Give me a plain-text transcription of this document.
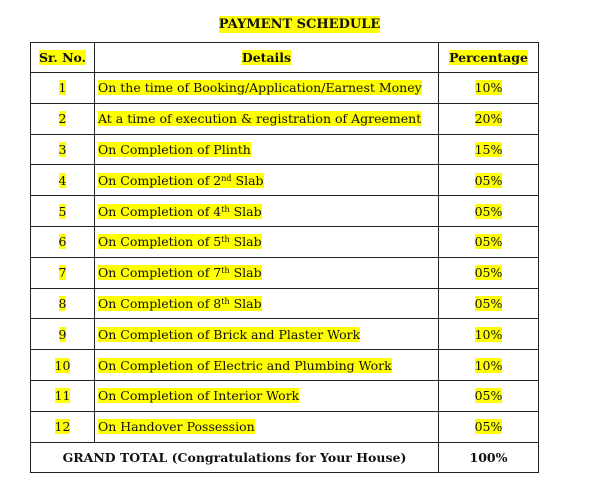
PAYMENT SCHEDULE
Sr. No.	Details	Percentage
1	On the time of Booking/Application/Earnest Money	10%
2	At a time of execution & registration of Agreement	20%
3	On Completion of Plinth	15%
4	On Completion of 2nd Slab	05%
5	On Completion of 4th Slab	05%
6	On Completion of 5th Slab	05%
7	On Completion of 7th Slab	05%
8	On Completion of 8th Slab	05%
9	On Completion of Brick and Plaster Work	10%
10	On Completion of Electric and Plumbing Work	10%
11	On Completion of Interior Work	05%
12	On Handover Possession	05%
GRAND TOTAL (Congratulations for Your House)		100%
